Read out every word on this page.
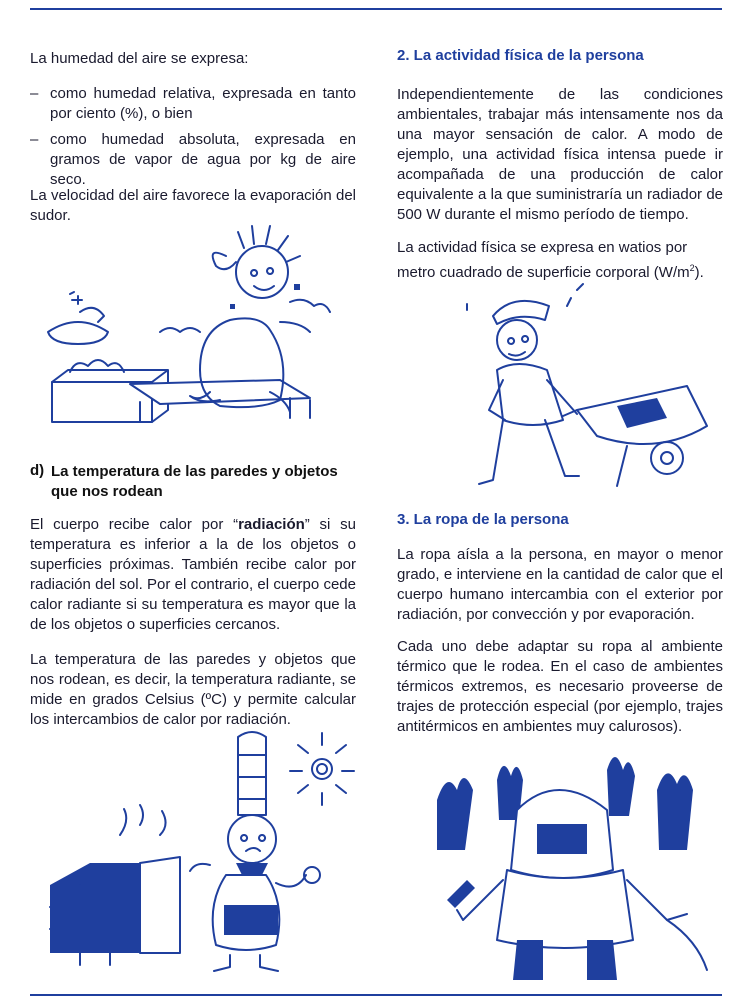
La humedad del aire se expresa:

– como humedad relativa, expresada en tanto por ciento (%), o bien
– como humedad absoluta, expresada en gramos de vapor de agua por kg de aire seco.

La velocidad del aire favorece la evaporación del sudor.

d) La temperatura de las paredes y objetos que nos rodean

El cuerpo recibe calor por “radiación” si su temperatura es inferior a la de los objetos o superficies próximas. También recibe calor por radiación del sol. Por el contrario, el cuerpo cede calor radiante si su temperatura es mayor que la de los objetos o superficies cercanos.

La temperatura de las paredes y objetos que nos rodean, es decir, la temperatura radiante, se mide en grados Celsius (ºC) y permite calcular los intercambios de calor por radiación.

2. La actividad física de la persona

Independientemente de las condiciones ambientales, trabajar más intensamente nos da una mayor sensación de calor. A modo de ejemplo, una actividad física intensa puede ir acompañada de una producción de calor equivalente a la que suministraría un radiador de 500 W durante el mismo período de tiempo.

La actividad física se expresa en watios por metro cuadrado de superficie corporal $(W/m^2)$.

3. La ropa de la persona

La ropa aísla a la persona, en mayor o menor grado, e interviene en la cantidad de calor que el cuerpo humano intercambia con el exterior por radiación, por convección y por evaporación.

Cada uno debe adaptar su ropa al ambiente térmico que le rodea. En el caso de ambientes térmicos extremos, es necesario proveerse de trajes de protección especial (por ejemplo, trajes antitérmicos en ambientes muy calurosos).
